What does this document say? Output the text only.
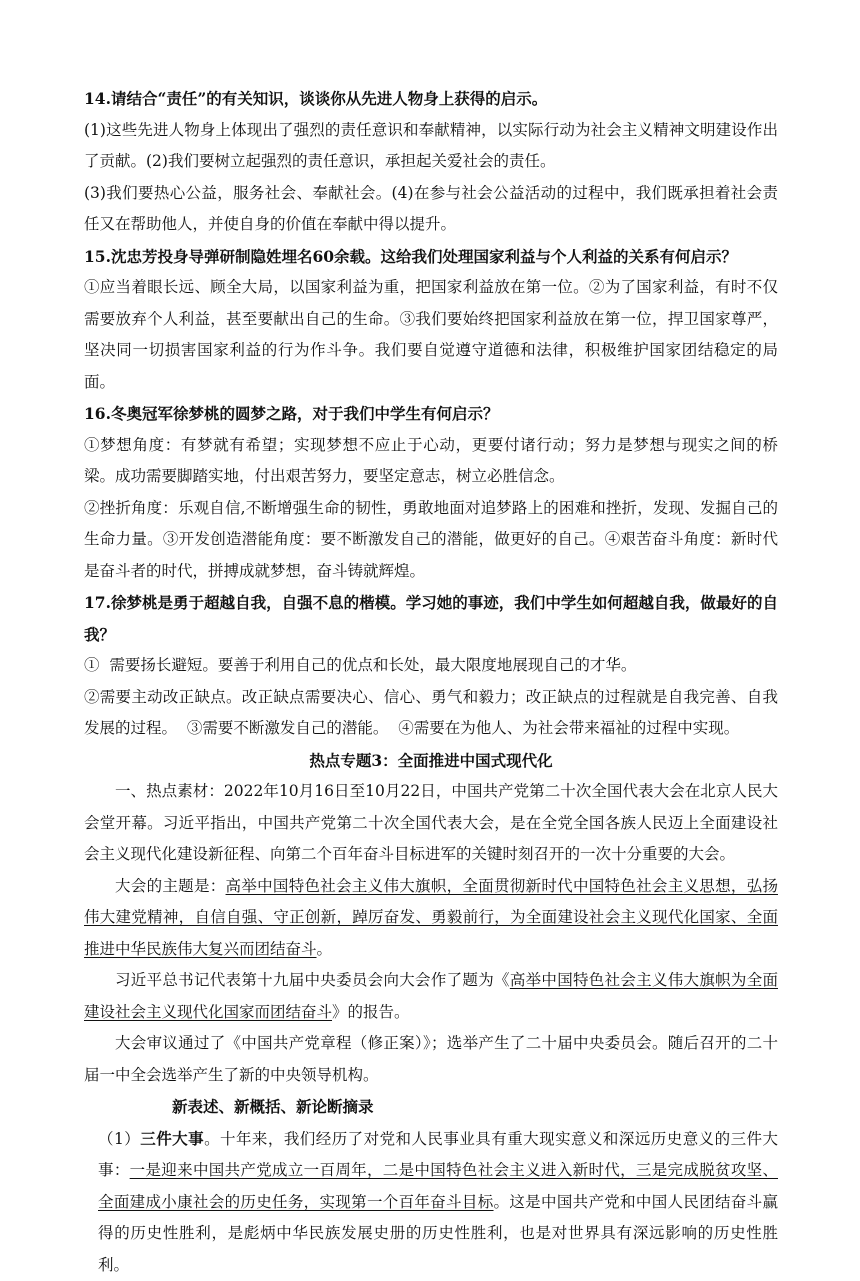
14.请结合“责任”的有关知识，谈谈你从先进人物身上获得的启示。

(1)这些先进人物身上体现出了强烈的责任意识和奉献精神，以实际行动为社会主义精神文明建设作出了贡献。(2)我们要树立起强烈的责任意识，承担起关爱社会的责任。

(3)我们要热心公益，服务社会、奉献社会。(4)在参与社会公益活动的过程中，我们既承担着社会责任又在帮助他人，并使自身的价值在奉献中得以提升。

15.沈忠芳投身导弹研制隐姓埋名60余载。这给我们处理国家利益与个人利益的关系有何启示？

①应当着眼长远、顾全大局，以国家利益为重，把国家利益放在第一位。②为了国家利益，有时不仅需要放弃个人利益，甚至要献出自己的生命。③我们要始终把国家利益放在第一位，捍卫国家尊严，坚决同一切损害国家利益的行为作斗争。我们要自觉遵守道德和法律，积极维护国家团结稳定的局面。

16.冬奥冠军徐梦桃的圆梦之路，对于我们中学生有何启示？

①梦想角度：有梦就有希望；实现梦想不应止于心动，更要付诸行动；努力是梦想与现实之间的桥梁。成功需要脚踏实地，付出艰苦努力，要坚定意志，树立必胜信念。

②挫折角度：乐观自信,不断增强生命的韧性，勇敢地面对追梦路上的困难和挫折，发现、发掘自己的生命力量。③开发创造潜能角度：要不断激发自己的潜能，做更好的自己。④艰苦奋斗角度：新时代是奋斗者的时代，拼搏成就梦想，奋斗铸就辉煌。

17.徐梦桃是勇于超越自我，自强不息的楷模。学习她的事迹，我们中学生如何超越自我，做最好的自我？

①  需要扬长避短。要善于利用自己的优点和长处，最大限度地展现自己的才华。

②需要主动改正缺点。改正缺点需要决心、信心、勇气和毅力；改正缺点的过程就是自我完善、自我发展的过程。  ③需要不断激发自己的潜能。  ④需要在为他人、为社会带来福祉的过程中实现。

热点专题3：全面推进中国式现代化

一、热点素材：2022年10月16日至10月22日，中国共产党第二十次全国代表大会在北京人民大会堂开幕。习近平指出，中国共产党第二十次全国代表大会，是在全党全国各族人民迈上全面建设社会主义现代化建设新征程、向第二个百年奋斗目标进军的关键时刻召开的一次十分重要的大会。

大会的主题是：高举中国特色社会主义伟大旗帜，全面贯彻新时代中国特色社会主义思想，弘扬伟大建党精神，自信自强、守正创新，踔厉奋发、勇毅前行，为全面建设社会主义现代化国家、全面推进中华民族伟大复兴而团结奋斗。

习近平总书记代表第十九届中央委员会向大会作了题为《高举中国特色社会主义伟大旗帜为全面建设社会主义现代化国家而团结奋斗》的报告。

大会审议通过了《中国共产党章程（修正案）》；选举产生了二十届中央委员会。随后召开的二十届一中全会选举产生了新的中央领导机构。

新表述、新概括、新论断摘录

（1）三件大事。十年来，我们经历了对党和人民事业具有重大现实意义和深远历史意义的三件大事：一是迎来中国共产党成立一百周年，二是中国特色社会主义进入新时代，三是完成脱贫攻坚、全面建成小康社会的历史任务，实现第一个百年奋斗目标。这是中国共产党和中国人民团结奋斗赢得的历史性胜利，是彪炳中华民族发展史册的历史性胜利，也是对世界具有深远影响的历史性胜利。
